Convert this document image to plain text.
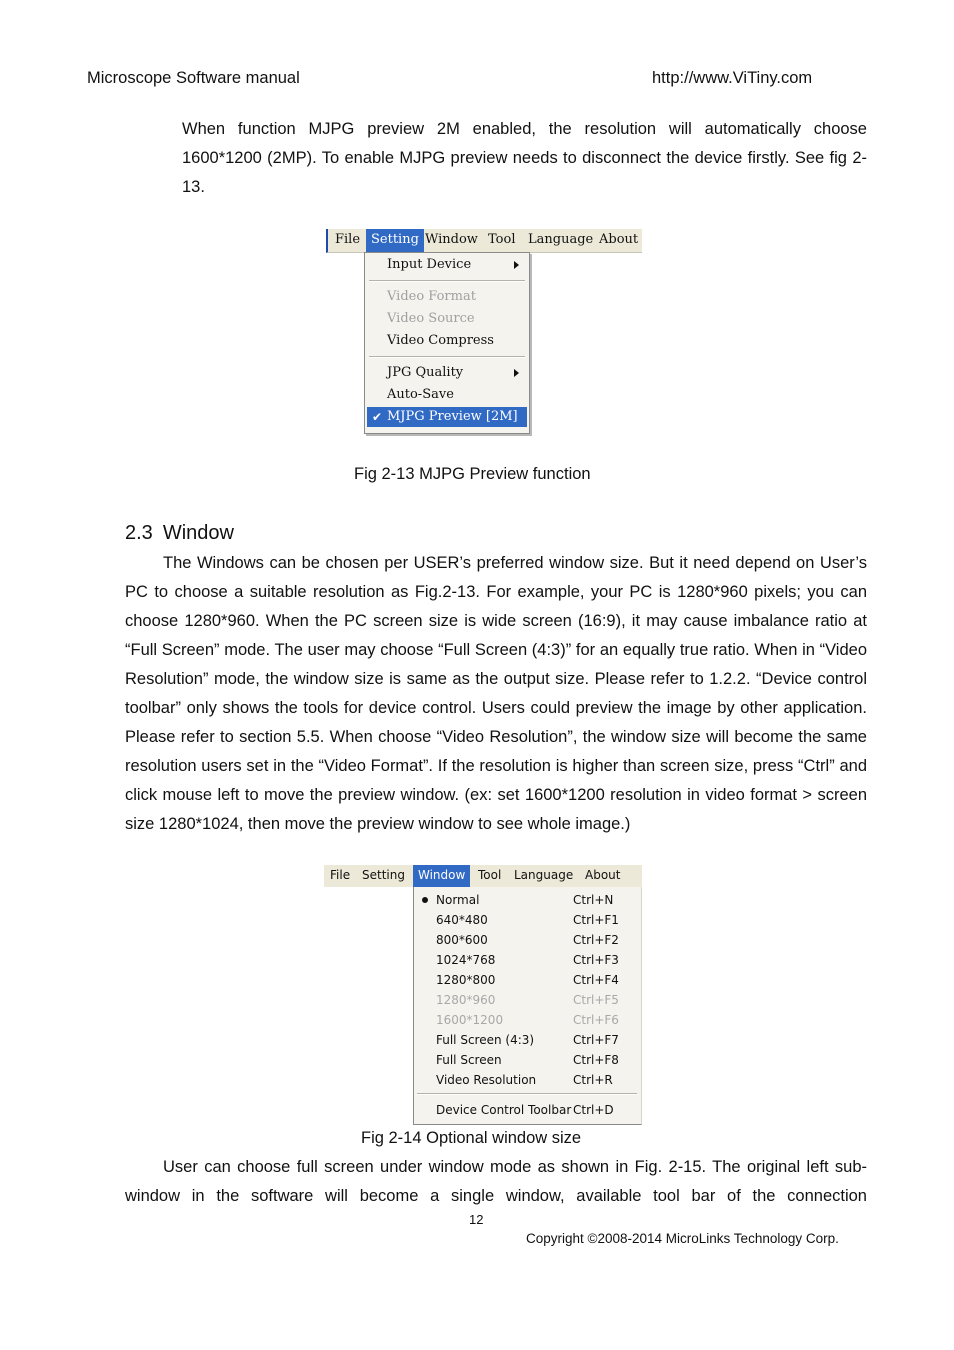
Microscope Software manual	http://www.ViTiny.com
When function MJPG preview 2M enabled, the resolution will automatically choose 1600*1200 (2MP). To enable MJPG preview needs to disconnect the device firstly. See fig 2-13.
File Setting Window Tool Language About
Input Device
Video Format
Video Source
Video Compress
JPG Quality
Auto-Save
✔ MJPG Preview [2M]
Fig 2-13 MJPG Preview function
2.3 Window
The Windows can be chosen per USER’s preferred window size. But it need depend on User’s PC to choose a suitable resolution as Fig.2-13. For example, your PC is 1280*960 pixels; you can choose 1280*960. When the PC screen size is wide screen (16:9), it may cause imbalance ratio at “Full Screen” mode. The user may choose “Full Screen (4:3)” for an equally true ratio. When in “Video Resolution” mode, the window size is same as the output size. Please refer to 1.2.2. “Device control toolbar” only shows the tools for device control. Users could preview the image by other application. Please refer to section 5.5. When choose “Video Resolution”, the window size will become the same resolution users set in the “Video Format”. If the resolution is higher than screen size, press “Ctrl” and click mouse left to move the preview window. (ex: set 1600*1200 resolution in video format > screen size 1280*1024, then move the preview window to see whole image.)
File Setting	Window	Tool	Language About
Normal	Ctrl+N
640*480	Ctrl+F1
800*600	Ctrl+F2
1024*768	Ctrl+F3
1280*800	Ctrl+F4
1280*960	Ctrl+F5
1600*1200	Ctrl+F6
Full Screen (4:3)	Ctrl+F7
Full Screen	Ctrl+F8
Video Resolution	Ctrl+R
Device Control Toolbar Ctrl+D
Fig 2-14 Optional window size
User can choose full screen under window mode as shown in Fig. 2-15. The original left sub-window in the software will become a single window, available tool bar of the connection
12
Copyright ©2008-2014 MicroLinks Technology Corp.
